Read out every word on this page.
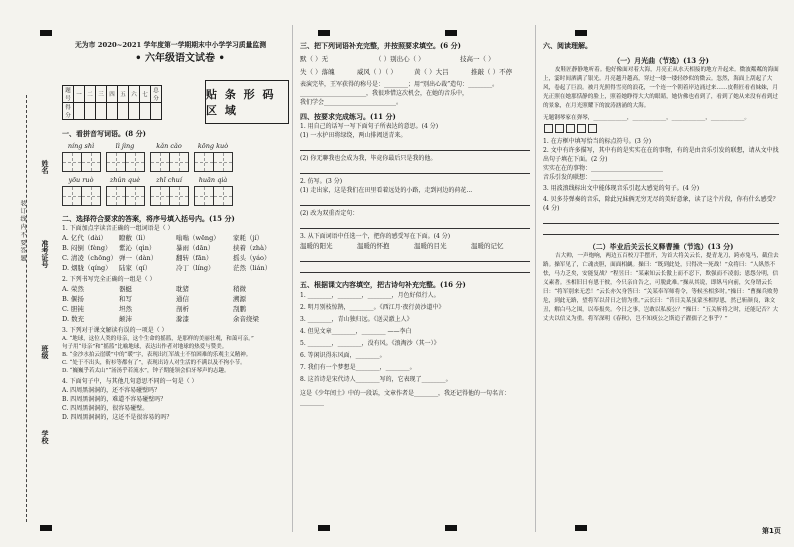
姓名
准考证号
班级
学校
装 订 线 内 不 要 答 题
无为市 2020~2021 学年度第一学期期末中小学学习质量监测
• 六年级语文试卷 •
题号	一	二	三	四	五	六	七	总分
得分								
贴 条 形 码 区 域
一、看拼音写词语。(8 分)
níng shì	lì jìng	kǎn cǎo	kōng kuò
yōu ruò	zhǔn què	zhǐ chuí	huān qià
二、选择符合要求的答案，将序号填入括号内。(15 分)
1. 下面加点字读音正确的一组词语是（ ）
A. 亿代（dài）	瞭敝（lì）	嗡嗡（wēng）	家耗（jí）
B. 闷倒（fèng）	紫沁（qìn）	暴雨（dān）	挟着（zhà）
C. 清凌（chōng） 弹一（dàn）	翻转（fān）	摇头（yáo）
D. 烟胧（qíng）	陆家（qí）	冷丁（líng）	茫然（lián）
2. 下列书写完全正确的一组是（ ）
A. 荣然	器蜓	耽猪	稍微
B. 偃扬	和写	通信	溯源
C. 胆钝	坦然	剖析	刮鹏
D. 数充	颠沛	滁漆	余音绕梁
3. 下列对于课文解读有误的一项是（ ）
A. “地球，这位人类的母亲，这个生命的摇篮，是那样的美丽壮观，和蔼可亲。”
句子用“母亲”和“摇篮”比喻地球，表达出作者对地球的热爱与赞美。
B. “金沙水拍云崖暖”中的“暖”字，表现出红军战士不怕困难的乐观主义精神。
C. “处于不出头，衔衫等都有了”，表现出诗人对生活的不满以及不拘小节。
D. “巍巍乎若太山”“汤汤乎若流水”，钟子期能领会伯牙琴声的志趣。
4. 下面句子中，与其他几句意思不同的一句是（ ）
A. 四周黑洞洞的，还不容易碰壁吗？
B. 四周黑洞洞的，难道不容易碰壁吗？
C. 四周黑洞洞的，很容易碰壁。
D. 四周黑洞洞的，这还不是很容易的吗？
三、把下列词语补充完整，并按照要求填空。(6 分)
默（ ）无	（ ）别出心（ ）	技高一（ ）
失（ ）落魄	威风（ ）（ ）	黄（ ）大吕	推敲（ ）不停
表演完毕，王军获得的称号是：________；用“别出心裁”造句：________。
______________________，我很珍惜这次机会，在她的音乐中，
我们学会________________________。
四、按要求完成练习。(11 分)
1. 用自己的话写一写下面句子所表达的意思。(4 分)
(1) 一水护田将绿绕，两山排闼送青来。
(2) 你无聊我也会成为我，毕竟你最后只是我的他。
2. 仿写。(3 分)
(1) 走出家，这是我们在田里看着远处的小路，走到河边的荷花...
(2) 改为双重否定句：
3. 从下面词语中任选一个，把你的感受写在下面。(4 分)
温暖的阳光	温暖的怀抱	温暖的目光	温暖的记忆
五、根据课文内容填空，把古诗句补充完整。(16 分)
1. ________，________，________，月色好似行人。
2. 明月别枝惊鹊，________。《西江月·夜行黄沙道中》
3. ________，青山独归远。《送灵澈上人》
4. 但见文章________，________ ——李白
5. ________，________，没有风。《浪淘沙（其一）》
6. 等闲识得东风面，________。
7. 我们有一个梦想是________，________。
8. 这首诗是宋代诗人________写的，它表现了________。
这是《少年闰土》中的一段话，文章作者是________，我还记得他的一句名言：________
六、阅读理解。
（一）月光曲（节选）(13 分)
皮鞋匠静静地听着。他好像面对着大海，月亮正从水天相接的地方升起来。微波粼粼的海面上，霎时间洒满了银光。月亮越升越高，穿过一缕一缕轻纱似的微云。忽然，海面上刮起了大风，卷起了巨浪。被月光照得雪亮的浪花，一个连一个朝着岸边涌过来……皮鞋匠看看妹妹，月光正照在她那恬静的脸上，照着她睁得大大的眼睛，她仿佛也看到了，看到了她从来没有看到过的景象，在月光照耀下的波涛汹涌的大海。
无题钢琴家在弹琴，____________，____________，____________，____________。
1. 在方框中填写恰当的标点符号。(3 分)
2. 文中有许多描写，其中有的是实实在在的事物，有的是由音乐引发的联想，请从文中找出句子填在下面。(2 分)
实实在在的事物：________________________
音乐引发的联想：________________________
3. 用波浪线标出文中能体现音乐引起大感觉的句子。(4 分)
4. 贝多芬弹奏的音乐，除此兄妹俩无穷无尽的美好意象，读了这个片段，你有什么感受？(4 分)
（二）毕业后关云长义释曹操（节选）(13 分)
吉大帅，一声炮响，两边五百校刀手摆开，为首大将关云长，提青龙刀，跨赤兔马，截住去路。操军见了，亡魂丧胆，面面相觑。操曰：“既到此处，只得决一死战！”众将曰：“人纵然不怯，马力乏矣，安能复战？”程昱曰：“某素知云长傲上而不忍下，欺强而不凌弱；恩怨分明，信义素著。丞相旧日有恩于彼，今只亲自告之，可脱此难。”操从其说，即纵马向前，欠身谓云长曰：“将军别来无恙！”云长亦欠身答曰：“关某奉军师将令，等候丞相多时。”操曰：“曹操兵败势危，到此无路，望将军以昔日之情为重。”云长曰：“昔日关某虽蒙丞相厚恩，然已斩颜良，诛文丑，解白马之围，以奉报矣。今日之事，岂敢以私废公？”操曰：“五关斩将之时，还能记否？大丈夫以信义为重。将军深明《春秋》，岂不知庾公之斯追子濯孺子之事乎？”
第1页
